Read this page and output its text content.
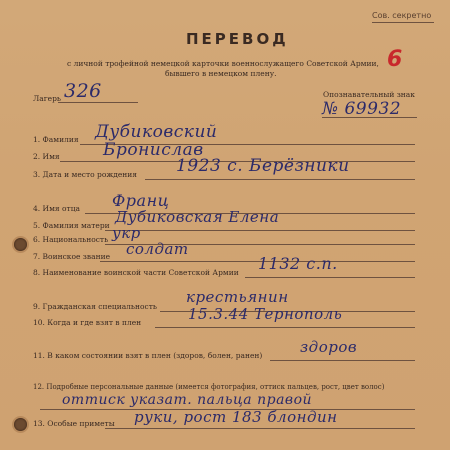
Сов. секретно
ПЕРЕВОД
6
с личной трофейной немецкой карточки военнослужащего Советской Армии,
бывшего в немецком плену.
Лагерь 326	Опознавательный знак
№ 69932
1. Фамилия Дубиковский
2. Имя	Бронислав
3. Дата и место рождения 1923 с. Берёзники
4. Имя отца Франц
5. Фамилия матери Дубиковская Елена
6. Национальность укр
7. Воинское звание солдат
8. Наименование воинской части Советской Армии 1132 с.п.
9. Гражданская специальность
крестьянин
10. Когда и где взят в плен	15.3.44 Тернополь
11. В каком состоянии взят в плен (здоров, болен, ранен)	здоров
12. Подробные персональные данные (имеется фотография, оттиск пальцев, рост, цвет волос)
оттиск указат. пальца правой
13. Особые приметы руки, рост 183 блондин
